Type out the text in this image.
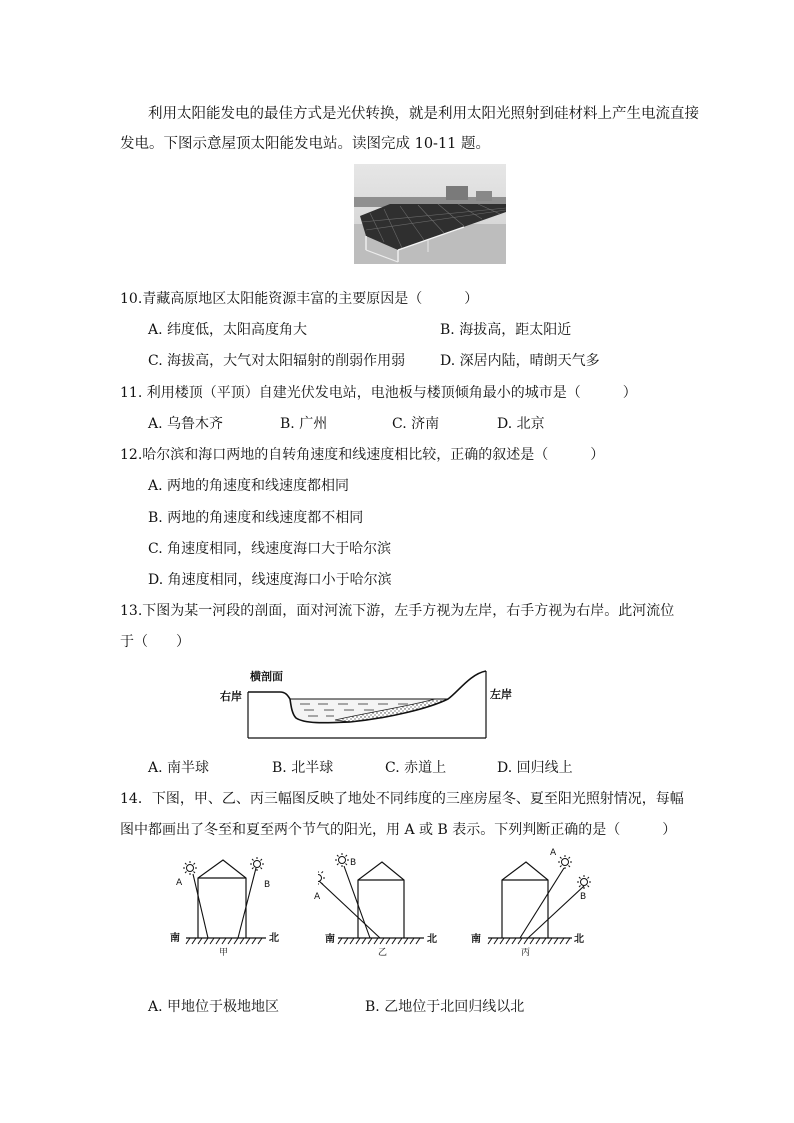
利用太阳能发电的最佳方式是光伏转换，就是利用太阳光照射到硅材料上产生电流直接
发电。下图示意屋顶太阳能发电站。读图完成 10-11 题。
10.青藏高原地区太阳能资源丰富的主要原因是（　　　）
A. 纬度低，太阳高度角大	B. 海拔高，距太阳近
C. 海拔高，大气对太阳辐射的削弱作用弱 D. 深居内陆，晴朗天气多
11. 利用楼顶（平顶）自建光伏发电站，电池板与楼顶倾角最小的城市是（　　　）
A. 乌鲁木齐	B. 广州	C. 济南	D. 北京
12.哈尔滨和海口两地的自转角速度和线速度相比较，正确的叙述是（　　　）
A. 两地的角速度和线速度都相同
B. 两地的角速度和线速度都不相同
C. 角速度相同，线速度海口大于哈尔滨
D. 角速度相同，线速度海口小于哈尔滨
13.下图为某一河段的剖面，面对河流下游，左手方视为左岸，右手方视为右岸。此河流位
于（　　）
横剖面
右岸	左岸
A. 南半球	B. 北半球	C. 赤道上	D. 回归线上
14．下图，甲、乙、丙三幅图反映了地处不同纬度的三座房屋冬、夏至阳光照射情况，每幅
图中都画出了冬至和夏至两个节气的阳光，用 A 或 B 表示。下列判断正确的是（　　　）
A	B
南	北
甲
A
B
南	北
乙
A
B
南	北
丙
A. 甲地位于极地地区	B. 乙地位于北回归线以北
